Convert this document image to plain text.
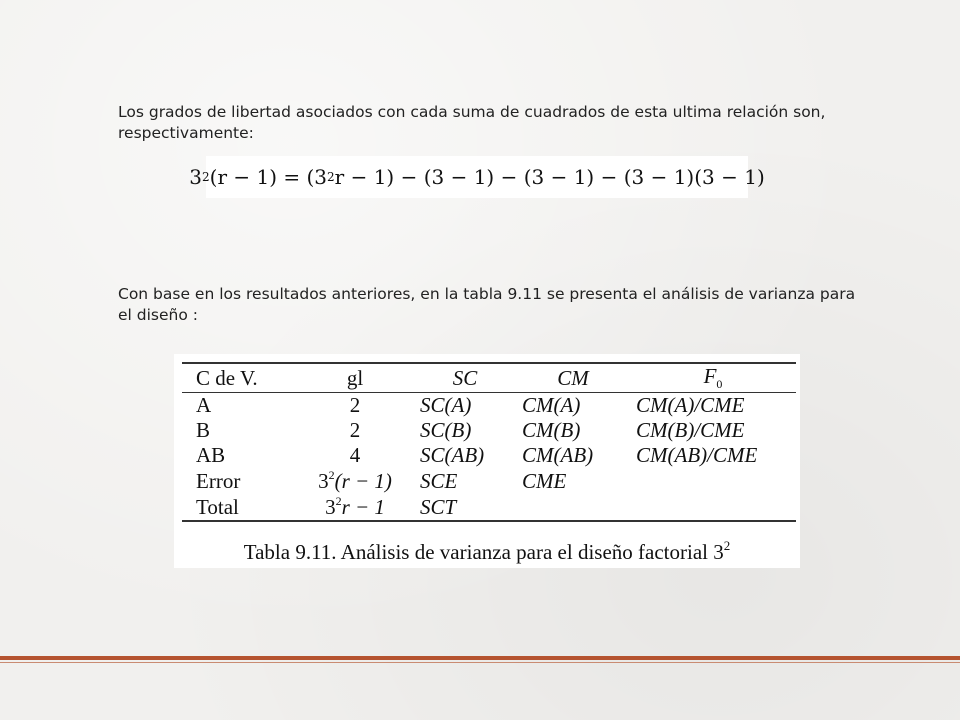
Los grados de libertad asociados con cada suma de cuadrados de esta ultima relación son, respectivamente:

3 2 (r − 1) = (3 2 r − 1) − (3 − 1) − (3 − 1) − (3 − 1)(3 − 1)

Con base en los resultados anteriores, en la tabla 9.11 se presenta el análisis de varianza para el diseño :

C de V.	gl	SC	CM	$F_0$
A	2	SC(A)	CM(A)	CM(A)/CME
B	2	SC(B)	CM(B)	CM(B)/CME
AB	4	SC(AB)	CM(AB)	CM(AB)/CME
Error	$3^2(r - 1)$	SCE	CME	
Total	$3^2r - 1$	SCT		
Tabla 9.11. Análisis de varianza para el diseño factorial $3^2$
